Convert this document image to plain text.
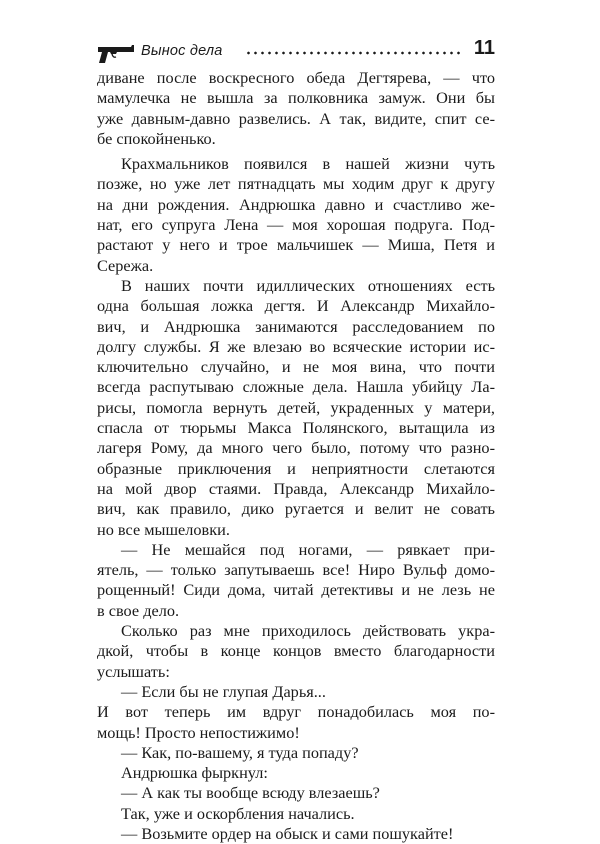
Вынос дела	11
диване после воскресного обеда Дегтярева, — что
мамулечка не вышла за полковника замуж. Они бы
уже давным-давно развелись. А так, видите, спит се-
бе спокойненько.
Крахмальников появился в нашей жизни чуть
позже, но уже лет пятнадцать мы ходим друг к другу
на дни рождения. Андрюшка давно и счастливо же-
нат, его супруга Лена — моя хорошая подруга. Под-
растают у него и трое мальчишек — Миша, Петя и
Сережа.
В наших почти идиллических отношениях есть
одна большая ложка дегтя. И Александр Михайло-
вич, и Андрюшка занимаются расследованием по
долгу службы. Я же влезаю во всяческие истории ис-
ключительно случайно, и не моя вина, что почти
всегда распутываю сложные дела. Нашла убийцу Ла-
рисы, помогла вернуть детей, украденных у матери,
спасла от тюрьмы Макса Полянского, вытащила из
лагеря Рому, да много чего было, потому что разно-
образные приключения и неприятности слетаются
на мой двор стаями. Правда, Александр Михайло-
вич, как правило, дико ругается и велит не совать
но все мышеловки.
— Не мешайся под ногами, — рявкает при-
ятель, — только запутываешь все! Ниро Вульф домо-
рощенный! Сиди дома, читай детективы и не лезь не
в свое дело.
Сколько раз мне приходилось действовать укра-
дкой, чтобы в конце концов вместо благодарности
услышать:
— Если бы не глупая Дарья...
И вот теперь им вдруг понадобилась моя по-
мощь! Просто непостижимо!
— Как, по-вашему, я туда попаду?
Андрюшка фыркнул:
— А как ты вообще всюду влезаешь?
Так, уже и оскорбления начались.
— Возьмите ордер на обыск и сами пошукайте!
